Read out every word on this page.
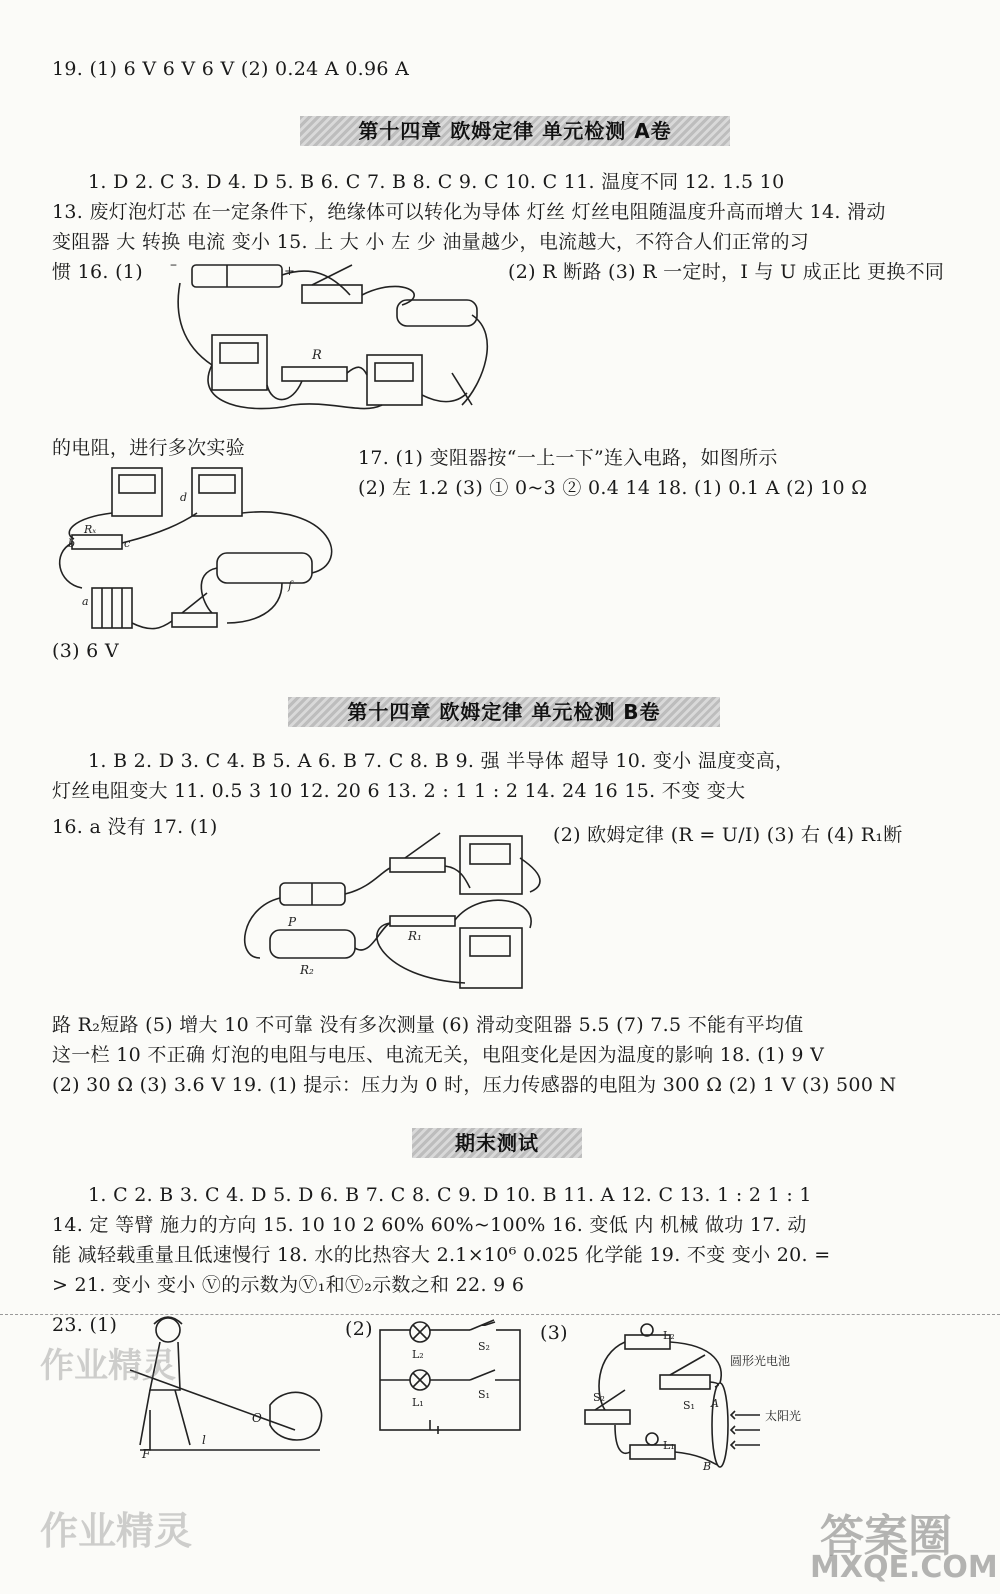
19. (1) 6 V 6 V 6 V (2) 0.24 A 0.96 A
第十四章 欧姆定律 单元检测 A卷
1. D 2. C 3. D 4. D 5. B 6. C 7. B 8. C 9. C 10. C 11. 温度不同 12. 1.5 10
13. 废灯泡灯芯 在一定条件下，绝缘体可以转化为导体 灯丝 灯丝电阻随温度升高而增大 14. 滑动
变阻器 大 转换 电流 变小 15. 上 大 小 左 少 油量越少，电流越大，不符合人们正常的习
惯 16. (1)	(2) R 断路 (3) R 一定时，I 与 U 成正比 更换不同
–	+
R
的电阻，进行多次实验	17. (1) 变阻器按“一上一下”连入电路，如图所示
(2) 左 1.2 (3) ① 0~3 ② 0.4 14 18. (1) 0.1 A (2) 10 Ω
Rₓ
a
b	c
d
f
(3) 6 V
第十四章 欧姆定律 单元检测 B卷
1. B 2. D 3. C 4. B 5. A 6. B 7. C 8. B 9. 强 半导体 超导 10. 变小 温度变高，
灯丝电阻变大 11. 0.5 3 10 12. 20 6 13. 2 : 1 1 : 2 14. 24 16 15. 不变 变大
16. a 没有 17. (1)	(2) 欧姆定律 (R = U/I) (3) 右 (4) R₁断
P
R₁
R₂
路 R₂短路 (5) 增大 10 不可靠 没有多次测量 (6) 滑动变阻器 5.5 (7) 7.5 不能有平均值
这一栏 10 不正确 灯泡的电阻与电压、电流无关，电阻变化是因为温度的影响 18. (1) 9 V
(2) 30 Ω (3) 3.6 V 19. (1) 提示：压力为 0 时，压力传感器的电阻为 300 Ω (2) 1 V (3) 500 N
期末测试
1. C 2. B 3. C 4. D 5. D 6. B 7. C 8. C 9. D 10. B 11. A 12. C 13. 1 : 2 1 : 1
14. 定 等臂 施力的方向 15. 10 10 2 60% 60%~100% 16. 变低 内 机械 做功 17. 动
能 减轻载重量且低速慢行 18. 水的比热容大 2.1×10⁶ 0.025 化学能 19. 不变 变小 20. =
> 21. 变小 变小 Ⓥ的示数为Ⓥ₁和Ⓥ₂示数之和 22. 9 6
23. (1)	(2)	(3)
O
F
l
L₂
S₂
L₁
S₁
L₂
S₂
S₁
L₁
A
B
圆形光电池
太阳光
作业精灵
作业精灵	答案圈
MXQE.COM
